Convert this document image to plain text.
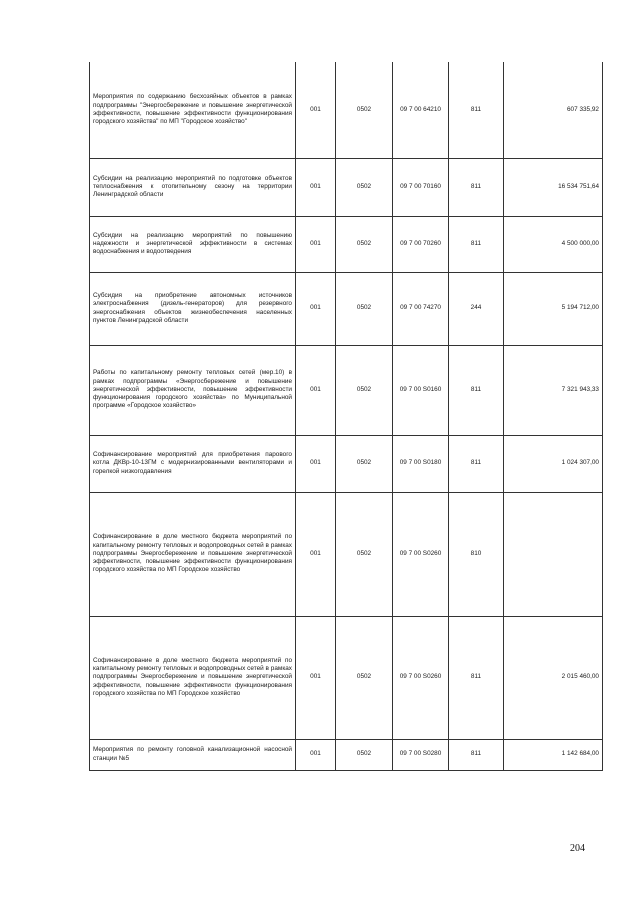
Мероприятия по содержанию бесхозяйных объектов в рамках подпрограммы "Энергосбережение и повышение энергетической эффективности, повышение эффективности функционирования городского хозяйства" по МП "Городское хозяйство"	001	0502	09 7 00 64210	811	607 335,92
Субсидии на реализацию мероприятий по подготовке объектов теплоснабжения к отопительному сезону на территории Ленинградской области	001	0502	09 7 00 70160	811	16 534 751,64
Субсидии на реализацию мероприятий по повышению надежности и энергетической эффективности в системах водоснабжения и водоотведения	001	0502	09 7 00 70260	811	4 500 000,00
Субсидия на приобретение автономных источников электроснабжения (дизель-генераторов) для резервного энергоснабжения объектов жизнеобеспечения населенных пунктов Ленинградской области	001	0502	09 7 00 74270	244	5 194 712,00
Работы по капитальному ремонту тепловых сетей (мер.10) в рамках подпрограммы «Энергосбережение и повышение энергетической эффективности, повышение эффективности функционирования городского хозяйства» по Муниципальной программе «Городское хозяйство»	001	0502	09 7 00 S0160	811	7 321 943,33
Софинансирование мероприятий для приобретения парового котла ДКВр-10-13ГМ с модернизированными вентиляторами и горелкой низкогодавления	001	0502	09 7 00 S0180	811	1 024 307,00
Софинансирование в доле местного бюджета мероприятий по капитальному ремонту тепловых и водопроводных сетей в рамках подпрограммы Энергосбережение и повышение энергетической эффективности, повышение эффективности функционирования городского хозяйства по МП Городское хозяйство	001	0502	09 7 00 S0260	810	
Софинансирование в доле местного бюджета мероприятий по капитальному ремонту тепловых и водопроводных сетей в рамках подпрограммы Энергосбережение и повышение энергетической эффективности, повышение эффективности функционирования городского хозяйства по МП Городское хозяйство	001	0502	09 7 00 S0260	811	2 015 460,00
Мероприятия по ремонту головной канализационной насосной станции №5	001	0502	09 7 00 S0280	811	1 142 684,00
204
